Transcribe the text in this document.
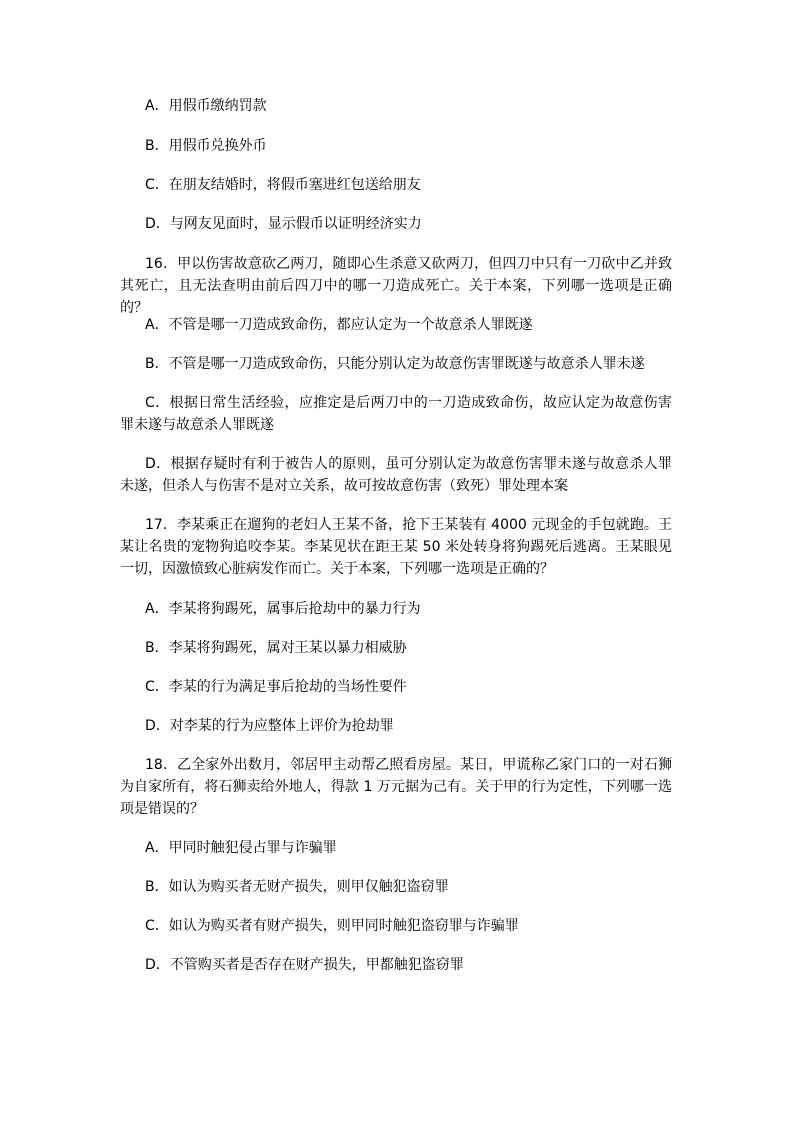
A．用假币缴纳罚款

B．用假币兑换外币

C．在朋友结婚时，将假币塞进红包送给朋友

D．与网友见面时，显示假币以证明经济实力

16．甲以伤害故意砍乙两刀，随即心生杀意又砍两刀，但四刀中只有一刀砍中乙并致其死亡，且无法查明由前后四刀中的哪一刀造成死亡。关于本案，下列哪一选项是正确的？

A．不管是哪一刀造成致命伤，都应认定为一个故意杀人罪既遂

B．不管是哪一刀造成致命伤，只能分别认定为故意伤害罪既遂与故意杀人罪未遂

C．根据日常生活经验，应推定是后两刀中的一刀造成致命伤，故应认定为故意伤害罪未遂与故意杀人罪既遂

D．根据存疑时有利于被告人的原则，虽可分别认定为故意伤害罪未遂与故意杀人罪未遂，但杀人与伤害不是对立关系，故可按故意伤害（致死）罪处理本案

17．李某乘正在遛狗的老妇人王某不备，抢下王某装有 4000 元现金的手包就跑。王某让名贵的宠物狗追咬李某。李某见状在距王某 50 米处转身将狗踢死后逃离。王某眼见一切，因激愤致心脏病发作而亡。关于本案，下列哪一选项是正确的？

A．李某将狗踢死，属事后抢劫中的暴力行为

B．李某将狗踢死，属对王某以暴力相威胁

C．李某的行为满足事后抢劫的当场性要件

D．对李某的行为应整体上评价为抢劫罪

18．乙全家外出数月，邻居甲主动帮乙照看房屋。某日，甲谎称乙家门口的一对石狮为自家所有，将石狮卖给外地人，得款 1 万元据为己有。关于甲的行为定性，下列哪一选项是错误的？

A．甲同时触犯侵占罪与诈骗罪

B．如认为购买者无财产损失，则甲仅触犯盗窃罪

C．如认为购买者有财产损失，则甲同时触犯盗窃罪与诈骗罪

D．不管购买者是否存在财产损失，甲都触犯盗窃罪
